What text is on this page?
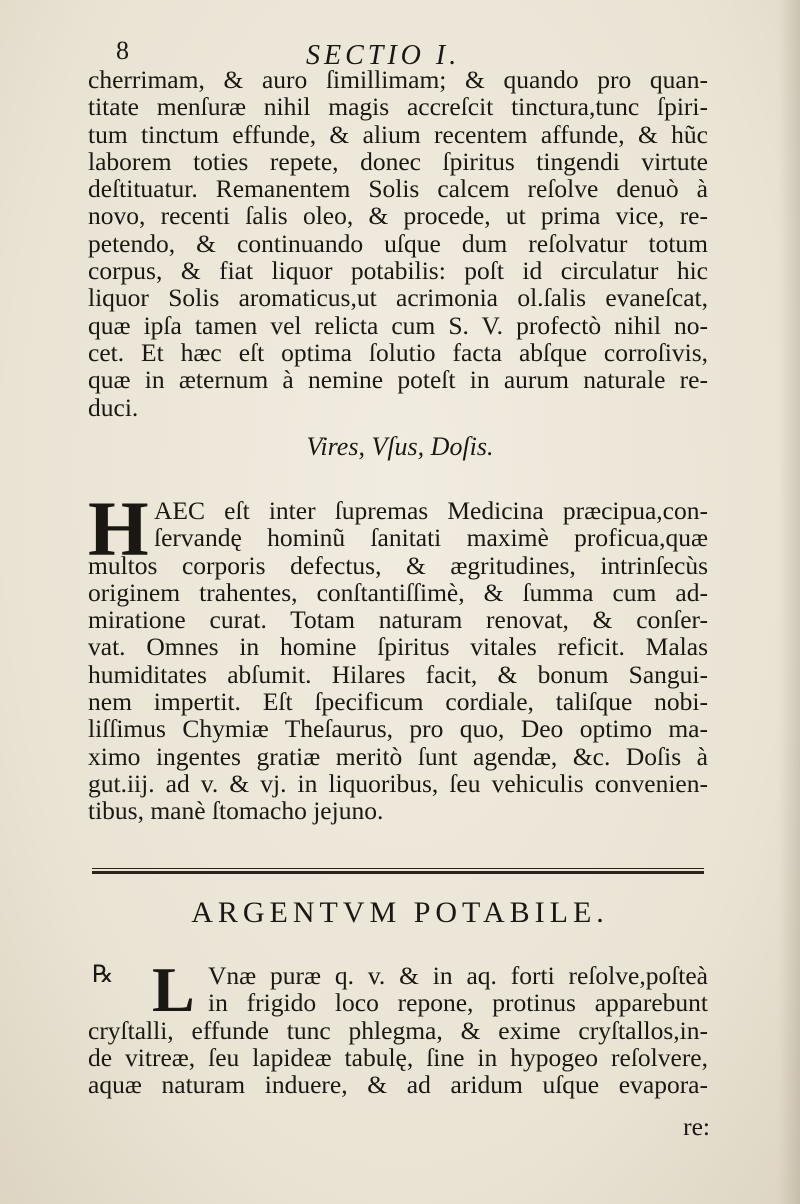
8	SECTIO I.
cherrimam, & auro ſimillimam; & quando pro quan-
titate menſuræ nihil magis accreſcit tinctura,tunc ſpiri-
tum tinctum effunde, & alium recentem affunde, & hũc
laborem toties repete, donec ſpiritus tingendi virtute
deſtituatur. Remanentem Solis calcem reſolve denuò à
novo, recenti ſalis oleo, & procede, ut prima vice, re-
petendo, & continuando uſque dum reſolvatur totum
corpus, & fiat liquor potabilis: poſt id circulatur hic
liquor Solis aromaticus,ut acrimonia ol.ſalis evaneſcat,
quæ ipſa tamen vel relicta cum S. V. profectò nihil no-
cet. Et hæc eſt optima ſolutio facta abſque corroſivis,
quæ in æternum à nemine poteſt in aurum naturale re-
duci.
Vires, Vſus, Doſis.
H AEC eſt inter ſupremas Medicina præcipua,con-
ſervandę hominũ ſanitati maximè proficua,quæ
multos corporis defectus, & ægritudines, intrinſecùs
originem trahentes, conſtantiſſimè, & ſumma cum ad-
miratione curat. Totam naturam renovat, & conſer-
vat. Omnes in homine ſpiritus vitales reficit. Malas
humiditates abſumit. Hilares facit, & bonum Sangui-
nem impertit. Eſt ſpecificum cordiale, taliſque nobi-
liſſimus Chymiæ Theſaurus, pro quo, Deo optimo ma-
ximo ingentes gratiæ meritò ſunt agendæ, &c. Doſis à
gut.iij. ad v. & vj. in liquoribus, ſeu vehiculis convenien-
tibus, manè ſtomacho jejuno.
ARGENTVM POTABILE.
℞ L Vnæ puræ q. v. & in aq. forti reſolve,poſteà
in frigido loco repone, protinus apparebunt
cryſtalli, effunde tunc phlegma, & exime cryſtallos,in-
de vitreæ, ſeu lapideæ tabulę, ſine in hypogeo reſolvere,
aquæ naturam induere, & ad aridum uſque evapora-
re:
